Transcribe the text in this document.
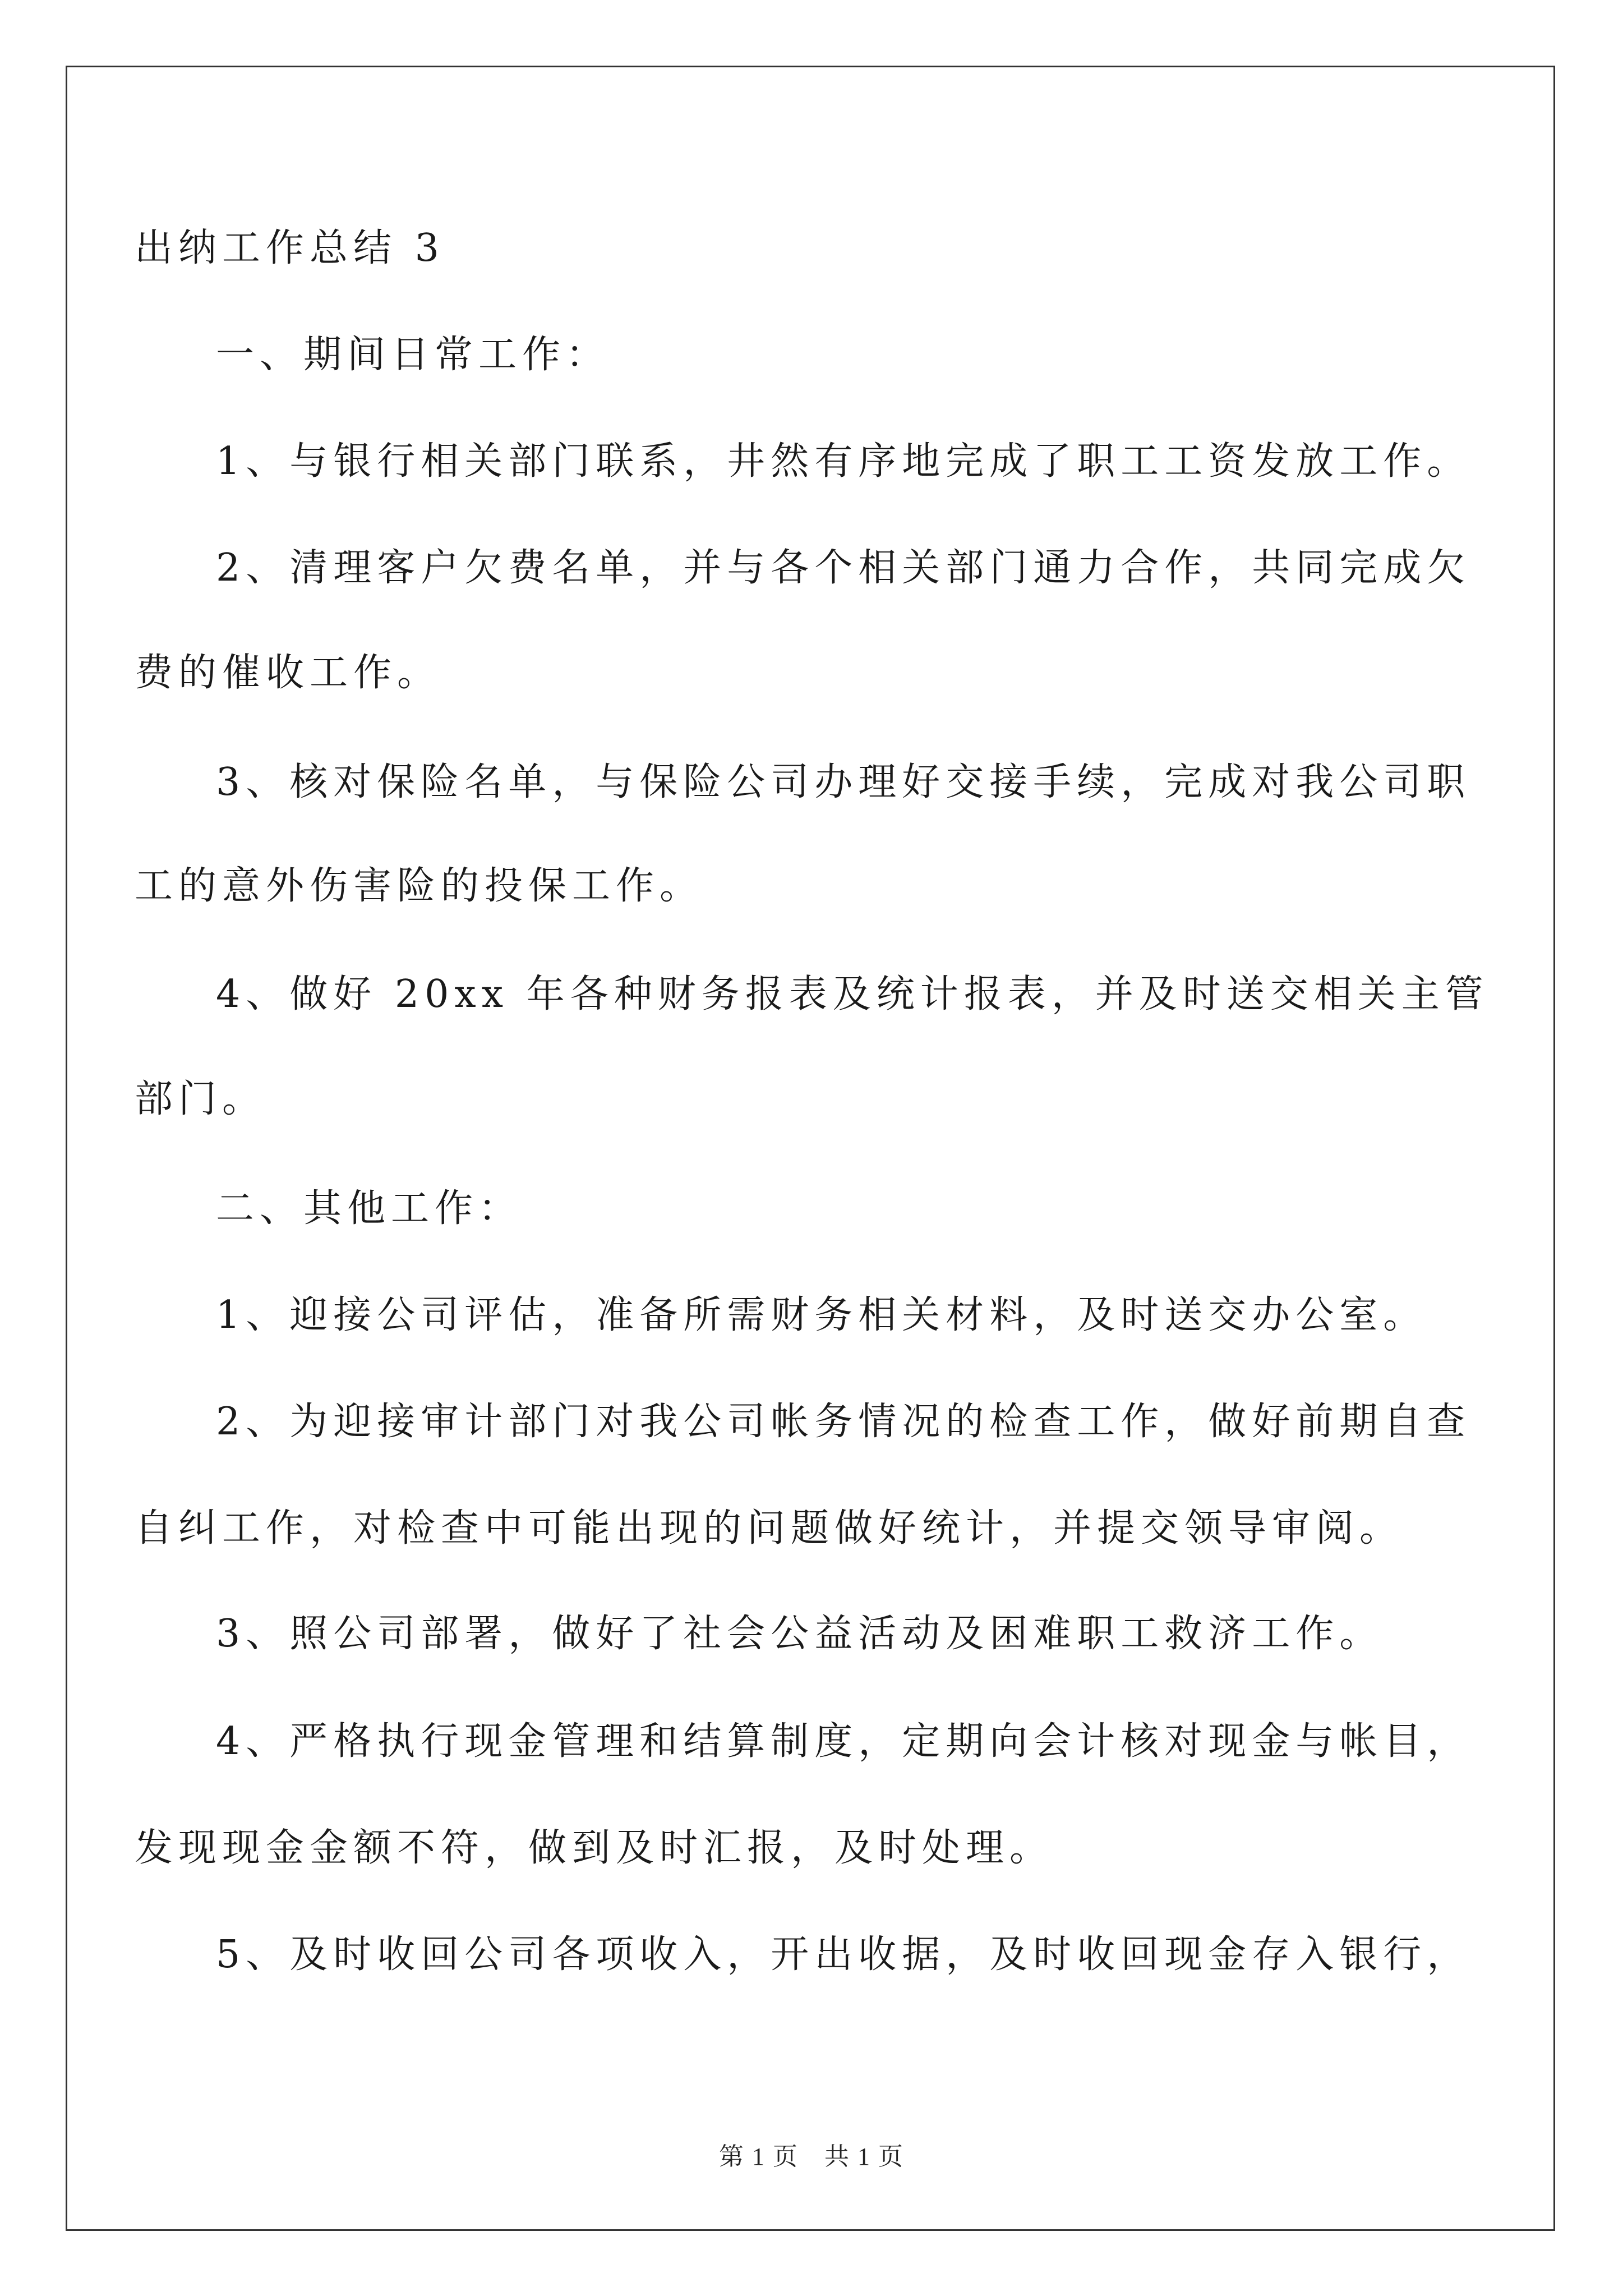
出纳工作总结 3

一、期间日常工作：

1、与银行相关部门联系，井然有序地完成了职工工资发放工作。

2、清理客户欠费名单，并与各个相关部门通力合作，共同完成欠

费的催收工作。

3、核对保险名单，与保险公司办理好交接手续，完成对我公司职

工的意外伤害险的投保工作。

4、做好 20xx 年各种财务报表及统计报表，并及时送交相关主管

部门。

二、其他工作：

1、迎接公司评估，准备所需财务相关材料，及时送交办公室。

2、为迎接审计部门对我公司帐务情况的检查工作，做好前期自查

自纠工作，对检查中可能出现的问题做好统计，并提交领导审阅。

3、照公司部署，做好了社会公益活动及困难职工救济工作。

4、严格执行现金管理和结算制度，定期向会计核对现金与帐目，

发现现金金额不符，做到及时汇报，及时处理。

5、及时收回公司各项收入，开出收据，及时收回现金存入银行，

第 1 页　共 1 页
